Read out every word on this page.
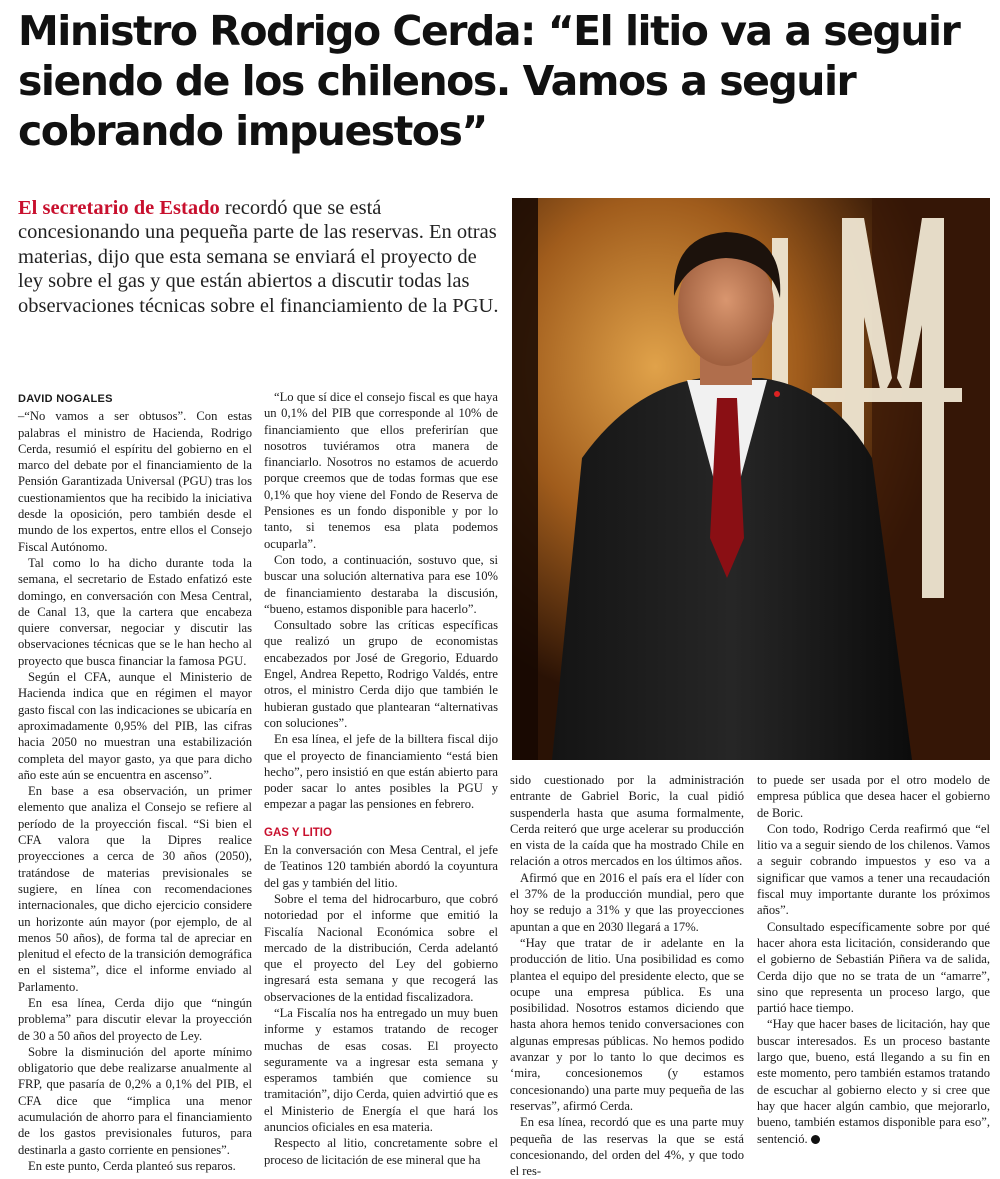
Ministro Rodrigo Cerda: “El litio va a seguir siendo de los chilenos. Vamos a seguir cobrando impuestos”

El secretario de Estado recordó que se está concesionando una pequeña parte de las reservas. En otras materias, dijo que esta semana se enviará el proyecto de ley sobre el gas y que están abiertos a discutir todas las observaciones técnicas sobre el financiamiento de la PGU.

DAVID NOGALES

–“No vamos a ser obtusos”. Con estas palabras el ministro de Hacienda, Rodrigo Cerda, resumió el espíritu del gobierno en el marco del debate por el financiamiento de la Pensión Garantizada Universal (PGU) tras los cuestionamientos que ha recibido la iniciativa desde la oposición, pero también desde el mundo de los expertos, entre ellos el Consejo Fiscal Autónomo.

Tal como lo ha dicho durante toda la semana, el secretario de Estado enfatizó este domingo, en conversación con Mesa Central, de Canal 13, que la cartera que encabeza quiere conversar, negociar y discutir las observaciones técnicas que se le han hecho al proyecto que busca financiar la famosa PGU.

Según el CFA, aunque el Ministerio de Hacienda indica que en régimen el mayor gasto fiscal con las indicaciones se ubicaría en aproximadamente 0,95% del PIB, las cifras hacia 2050 no muestran una estabilización completa del mayor gasto, ya que para dicho año este aún se encuentra en ascenso”.

En base a esa observación, un primer elemento que analiza el Consejo se refiere al período de la proyección fiscal. “Si bien el CFA valora que la Dipres realice proyecciones a cerca de 30 años (2050), tratándose de materias previsionales se sugiere, en línea con recomendaciones internacionales, que dicho ejercicio considere un horizonte aún mayor (por ejemplo, de al menos 50 años), de forma tal de apreciar en plenitud el efecto de la transición demográfica en el sistema”, dice el informe enviado al Parlamento.

En esa línea, Cerda dijo que “ningún problema” para discutir elevar la proyección de 30 a 50 años del proyecto de Ley.

Sobre la disminución del aporte mínimo obligatorio que debe realizarse anualmente al FRP, que pasaría de 0,2% a 0,1% del PIB, el CFA dice que “implica una menor acumulación de ahorro para el financiamiento de los gastos previsionales futuros, para destinarla a gasto corriente en pensiones”.

En este punto, Cerda planteó sus reparos.

“Lo que sí dice el consejo fiscal es que haya un 0,1% del PIB que corresponde al 10% de financiamiento que ellos preferirían que nosotros tuviéramos otra manera de financiarlo. Nosotros no estamos de acuerdo porque creemos que de todas formas que ese 0,1% que hoy viene del Fondo de Reserva de Pensiones es un fondo disponible y por lo tanto, si tenemos esa plata podemos ocuparla”.

Con todo, a continuación, sostuvo que, si buscar una solución alternativa para ese 10% de financiamiento destaraba la discusión, “bueno, estamos disponible para hacerlo”.

Consultado sobre las críticas específicas que realizó un grupo de economistas encabezados por José de Gregorio, Eduardo Engel, Andrea Repetto, Rodrigo Valdés, entre otros, el ministro Cerda dijo que también le hubieran gustado que plantearan “alternativas con soluciones”.

En esa línea, el jefe de la billtera fiscal dijo que el proyecto de financiamiento “está bien hecho”, pero insistió en que están abierto para poder sacar lo antes posibles la PGU y empezar a pagar las pensiones en febrero.

GAS Y LITIO

En la conversación con Mesa Central, el jefe de Teatinos 120 también abordó la coyuntura del gas y también del litio.

Sobre el tema del hidrocarburo, que cobró notoriedad por el informe que emitió la Fiscalía Nacional Económica sobre el mercado de la distribución, Cerda adelantó que el proyecto del Ley del gobierno ingresará esta semana y que recogerá las observaciones de la entidad fiscalizadora.

“La Fiscalía nos ha entregado un muy buen informe y estamos tratando de recoger muchas de esas cosas. El proyecto seguramente va a ingresar esta semana y esperamos también que comience su tramitación”, dijo Cerda, quien advirtió que es el Ministerio de Energía el que hará los anuncios oficiales en esa materia.

Respecto al litio, concretamente sobre el proceso de licitación de ese mineral que ha

sido cuestionado por la administración entrante de Gabriel Boric, la cual pidió suspenderla hasta que asuma formalmente, Cerda reiteró que urge acelerar su producción en vista de la caída que ha mostrado Chile en relación a otros mercados en los últimos años.

Afirmó que en 2016 el país era el líder con el 37% de la producción mundial, pero que hoy se redujo a 31% y que las proyecciones apuntan a que en 2030 llegará a 17%.

“Hay que tratar de ir adelante en la producción de litio. Una posibilidad es como plantea el equipo del presidente electo, que se ocupe una empresa pública. Es una posibilidad. Nosotros estamos diciendo que hasta ahora hemos tenido conversaciones con algunas empresas públicas. No hemos podido avanzar y por lo tanto lo que decimos es ‘mira, concesionemos (y estamos concesionando) una parte muy pequeña de las reservas”, afirmó Cerda.

En esa línea, recordó que es una parte muy pequeña de las reservas la que se está concesionando, del orden del 4%, y que todo el res-

to puede ser usada por el otro modelo de empresa pública que desea hacer el gobierno de Boric.

Con todo, Rodrigo Cerda reafirmó que “el litio va a seguir siendo de los chilenos. Vamos a seguir cobrando impuestos y eso va a significar que vamos a tener una recaudación fiscal muy importante durante los próximos años”.

Consultado específicamente sobre por qué hacer ahora esta licitación, considerando que el gobierno de Sebastián Piñera va de salida, Cerda dijo que no se trata de un “amarre”, sino que representa un proceso largo, que partió hace tiempo.

“Hay que hacer bases de licitación, hay que buscar interesados. Es un proceso bastante largo que, bueno, está llegando a su fin en este momento, pero también estamos tratando de escuchar al gobierno electo y si cree que hay que hacer algún cambio, que mejorarlo, bueno, también estamos disponible para eso”, sentenció. P
